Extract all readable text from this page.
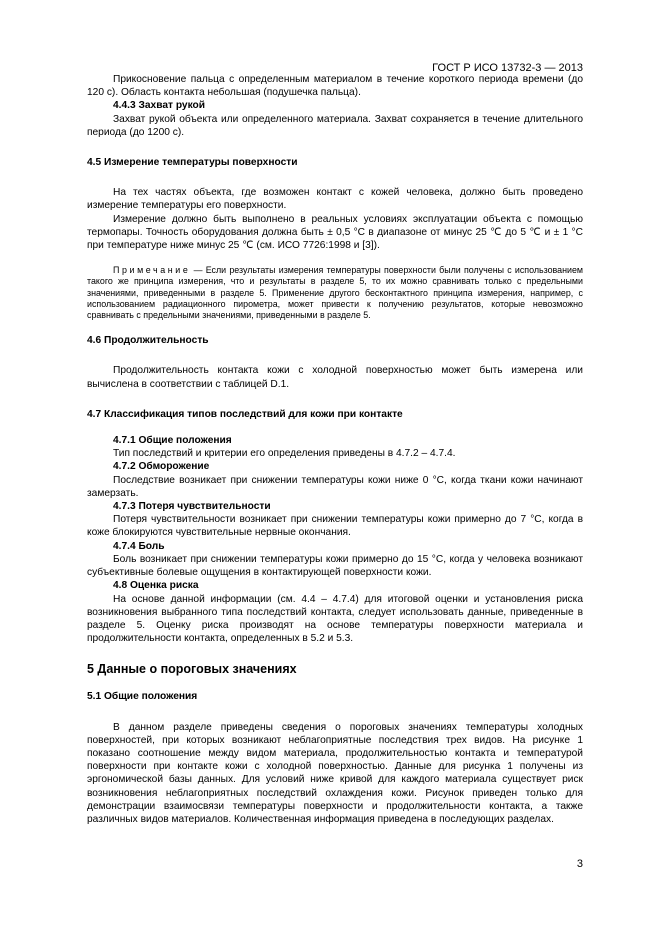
ГОСТ Р ИСО 13732-3 — 2013

Прикосновение пальца с определенным материалом в течение короткого периода времени (до 120 с). Область контакта небольшая (подушечка пальца).

4.4.3 Захват рукой

Захват рукой объекта или определенного материала. Захват сохраняется в течение длительного периода (до 1200 с).

4.5 Измерение температуры поверхности

На тех частях объекта, где возможен контакт с кожей человека, должно быть проведено измерение температуры его поверхности.

Измерение должно быть выполнено в реальных условиях эксплуатации объекта с помощью термопары. Точность оборудования должна быть ± 0,5 °С в диапазоне от минус 25 ℃ до 5 ℃ и ± 1 °С при температуре ниже минус 25 ℃ (см. ИСО 7726:1998 и [3]).

Примечание — Если результаты измерения температуры поверхности были получены с использованием такого же принципа измерения, что и результаты в разделе 5, то их можно сравнивать только с предельными значениями, приведенными в разделе 5. Применение другого бесконтактного принципа измерения, например, с использованием радиационного пирометра, может привести к получению результатов, которые невозможно сравнивать с предельными значениями, приведенными в разделе 5.

4.6 Продолжительность

Продолжительность контакта кожи с холодной поверхностью может быть измерена или вычислена в соответствии с таблицей D.1.

4.7 Классификация типов последствий для кожи при контакте

4.7.1 Общие положения

Тип последствий и критерии его определения приведены в 4.7.2 – 4.7.4.

4.7.2 Обморожение

Последствие возникает при снижении температуры кожи ниже 0 °С, когда ткани кожи начинают замерзать.

4.7.3 Потеря чувствительности

Потеря чувствительности возникает при снижении температуры кожи примерно до 7 °С, когда в коже блокируются чувствительные нервные окончания.

4.7.4 Боль

Боль возникает при снижении температуры кожи примерно до 15 °С, когда у человека возникают субъективные болевые ощущения в контактирующей поверхности кожи.

4.8 Оценка риска

На основе данной информации (см. 4.4 – 4.7.4) для итоговой оценки и установления риска возникновения выбранного типа последствий контакта, следует использовать данные, приведенные в разделе 5. Оценку риска производят на основе температуры поверхности материала и продолжительности контакта, определенных в 5.2 и 5.3.

5 Данные о пороговых значениях

5.1 Общие положения

В данном разделе приведены сведения о пороговых значениях температуры холодных поверхностей, при которых возникают неблагоприятные последствия трех видов. На рисунке 1 показано соотношение между видом материала, продолжительностью контакта и температурой поверхности при контакте кожи с холодной поверхностью. Данные для рисунка 1 получены из эргономической базы данных. Для условий ниже кривой для каждого материала существует риск возникновения неблагоприятных последствий охлаждения кожи. Рисунок приведен только для демонстрации взаимосвязи температуры поверхности и продолжительности контакта, а также различных видов материалов. Количественная информация приведена в последующих разделах.

3
